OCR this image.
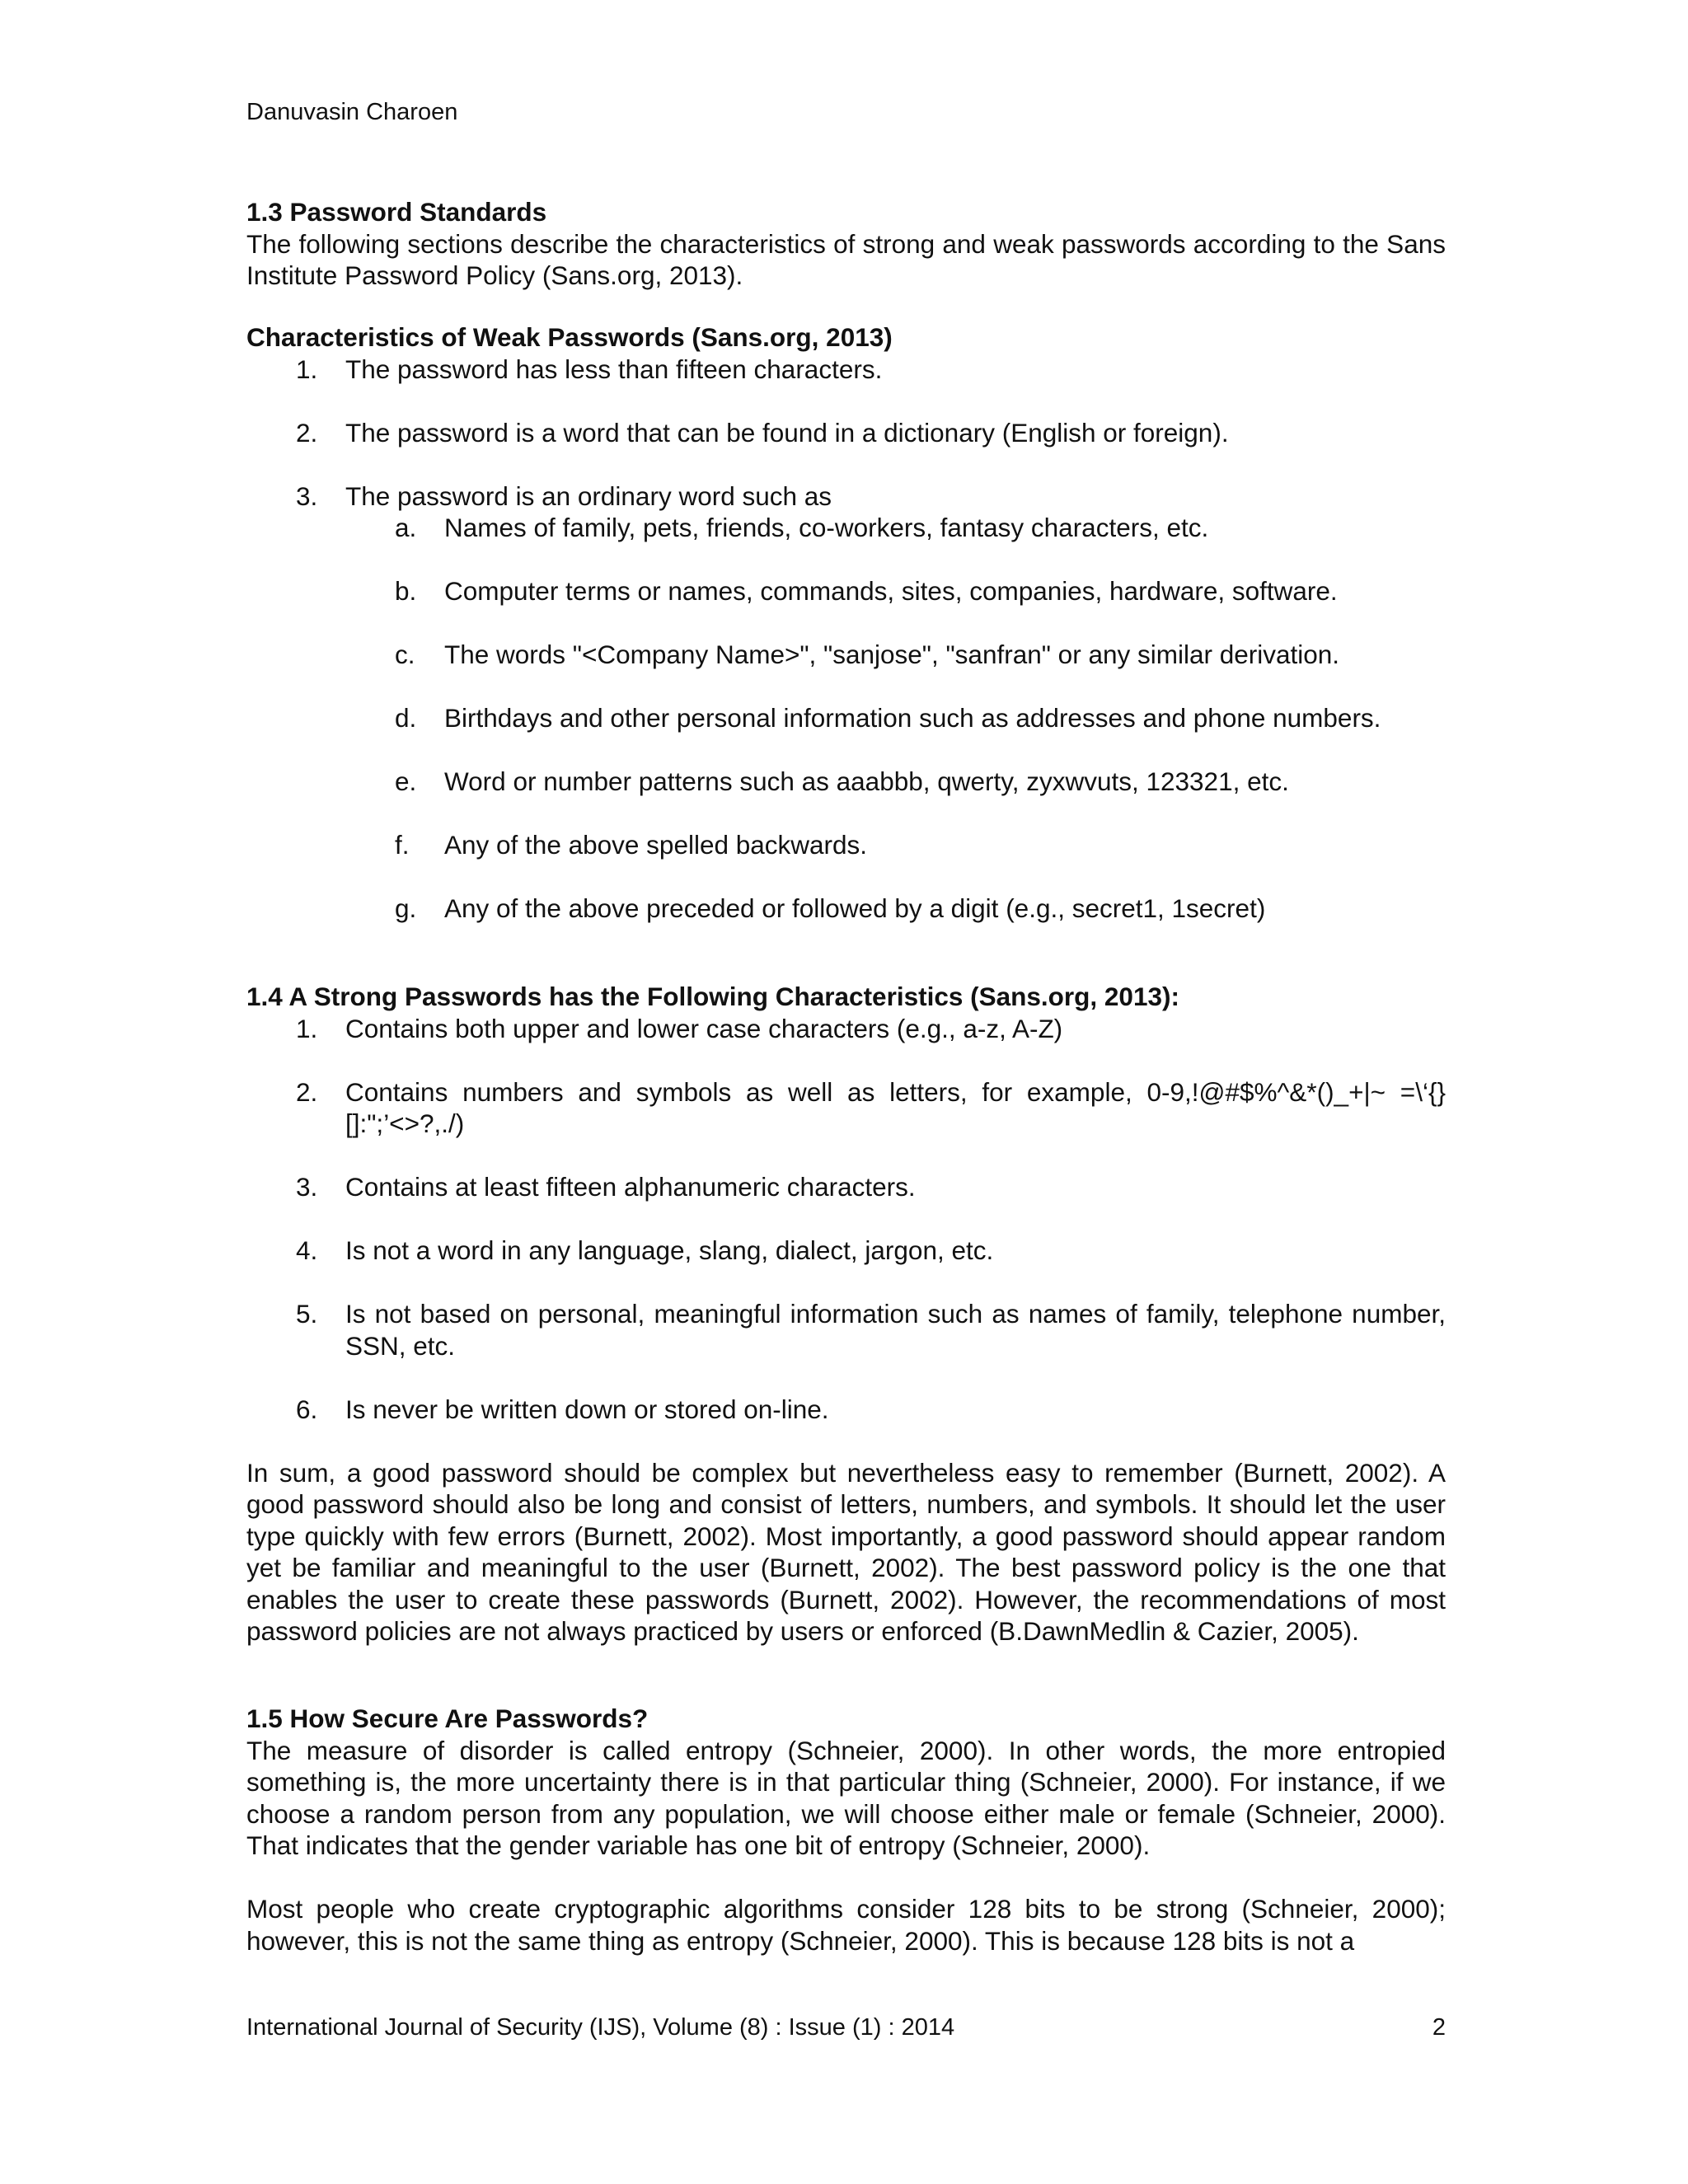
Danuvasin Charoen

1.3 Password Standards

The following sections describe the characteristics of strong and weak passwords according to the Sans Institute Password Policy (Sans.org, 2013).

Characteristics of Weak Passwords (Sans.org, 2013)

1. The password has less than fifteen characters.
2. The password is a word that can be found in a dictionary (English or foreign).
3. The password is an ordinary word such as
a. Names of family, pets, friends, co-workers, fantasy characters, etc.
b. Computer terms or names, commands, sites, companies, hardware, software.
c. The words "<Company Name>", "sanjose", "sanfran" or any similar derivation.
d. Birthdays and other personal information such as addresses and phone numbers.
e. Word or number patterns such as aaabbb, qwerty, zyxwvuts, 123321, etc.
f. Any of the above spelled backwards.
g. Any of the above preceded or followed by a digit (e.g., secret1, 1secret)

1.4 A Strong Passwords has the Following Characteristics (Sans.org, 2013):

1. Contains both upper and lower case characters (e.g., a-z, A-Z)
2. Contains numbers and symbols as well as letters, for example, 0-9,!@#$%^&*()_+|~ =\‘{}[]:";’<>?,./)
3. Contains at least fifteen alphanumeric characters.
4. Is not a word in any language, slang, dialect, jargon, etc.
5. Is not based on personal, meaningful information such as names of family, telephone number, SSN, etc.
6. Is never be written down or stored on-line.

In sum, a good password should be complex but nevertheless easy to remember (Burnett, 2002). A good password should also be long and consist of letters, numbers, and symbols. It should let the user type quickly with few errors (Burnett, 2002). Most importantly, a good password should appear random yet be familiar and meaningful to the user (Burnett, 2002). The best password policy is the one that enables the user to create these passwords (Burnett, 2002). However, the recommendations of most password policies are not always practiced by users or enforced (B.DawnMedlin & Cazier, 2005).

1.5 How Secure Are Passwords?

The measure of disorder is called entropy (Schneier, 2000). In other words, the more entropied something is, the more uncertainty there is in that particular thing (Schneier, 2000). For instance, if we choose a random person from any population, we will choose either male or female (Schneier, 2000). That indicates that the gender variable has one bit of entropy (Schneier, 2000).

Most people who create cryptographic algorithms consider 128 bits to be strong (Schneier, 2000); however, this is not the same thing as entropy (Schneier, 2000). This is because 128 bits is not a

International Journal of Security (IJS), Volume (8) : Issue (1) : 2014	2
